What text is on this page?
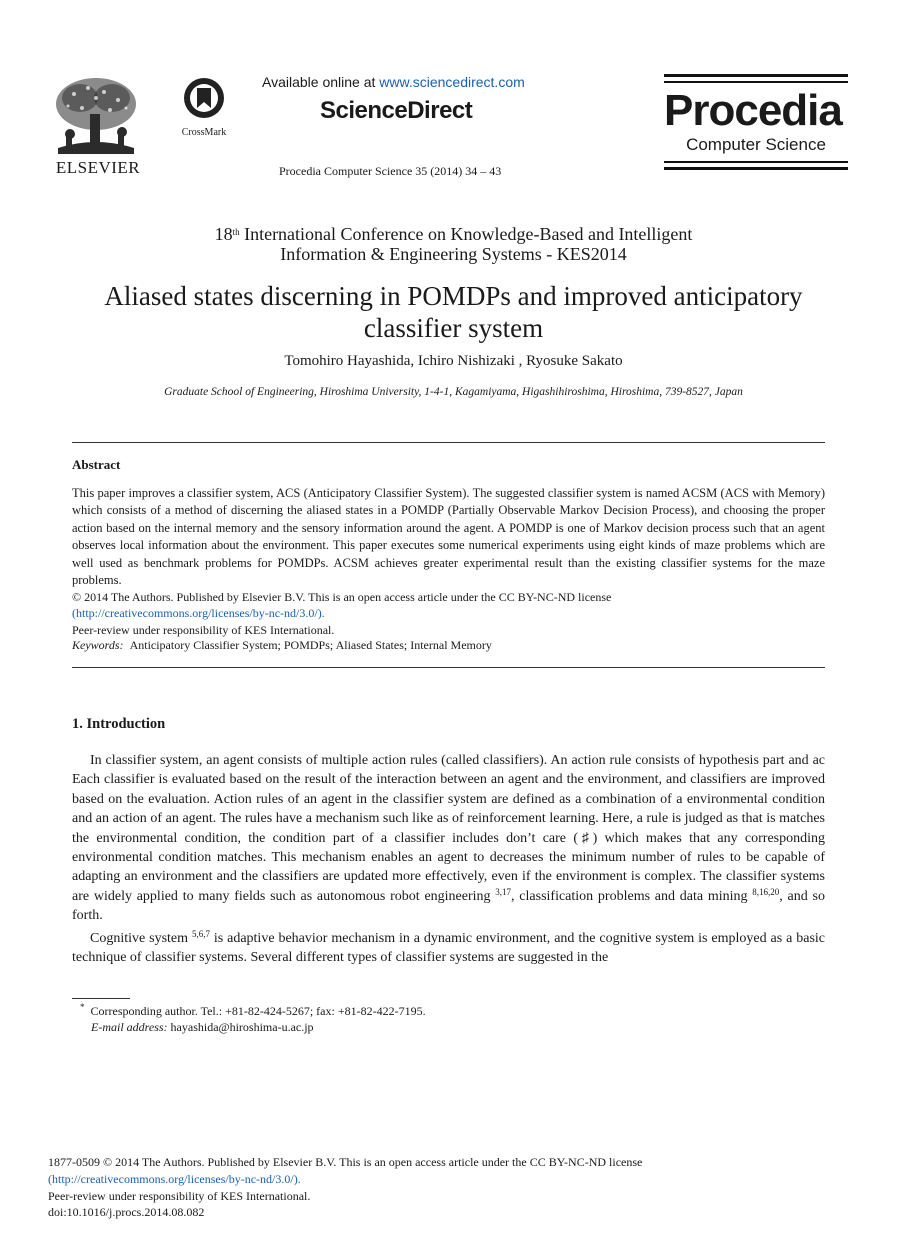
ELSEVIER
CrossMark
Available online at www.sciencedirect.com
ScienceDirect
Procedia Computer Science 35 (2014) 34 – 43
Procedia
Computer Science
18th International Conference on Knowledge-Based and Intelligent
Information & Engineering Systems - KES2014
Aliased states discerning in POMDPs and improved anticipatory
classifier system
Tomohiro Hayashida, Ichiro Nishizaki , Ryosuke Sakato
Graduate School of Engineering, Hiroshima University, 1-4-1, Kagamiyama, Higashihiroshima, Hiroshima, 739-8527, Japan
Abstract
This paper improves a classifier system, ACS (Anticipatory Classifier System). The suggested classifier system is named ACSM (ACS with Memory) which consists of a method of discerning the aliased states in a POMDP (Partially Observable Markov Decision Process), and choosing the proper action based on the internal memory and the sensory information around the agent. A POMDP is one of Markov decision process such that an agent observes local information about the environment. This paper executes some numerical experiments using eight kinds of maze problems which are well used as benchmark problems for POMDPs. ACSM achieves greater experimental result than the existing classifier systems for the maze problems.
© 2014 The Authors. Published by Elsevier B.V. This is an open access article under the CC BY-NC-ND license
(http://creativecommons.org/licenses/by-nc-nd/3.0/).
Peer-review under responsibility of KES International.
Keywords: Anticipatory Classifier System; POMDPs; Aliased States; Internal Memory
1. Introduction
In classifier system, an agent consists of multiple action rules (called classifiers). An action rule consists of hypothesis part and ac Each classifier is evaluated based on the result of the interaction between an agent and the environment, and classifiers are improved based on the evaluation. Action rules of an agent in the classifier system are defined as a combination of a environmental condition and an action of an agent. The rules have a mechanism such like as of reinforcement learning. Here, a rule is judged as that is matches the environmental condition, the condition part of a classifier includes don’t care (♯) which makes that any corresponding environmental condition matches. This mechanism enables an agent to decreases the minimum number of rules to be capable of adapting an environment and the classifiers are updated more effectively, even if the environment is complex. The classifier systems are widely applied to many fields such as autonomous robot engineering $^{3,17}$, classification problems and data mining $^{8,16,20}$, and so forth.
Cognitive system $^{5,6,7}$ is adaptive behavior mechanism in a dynamic environment, and the cognitive system is employed as a basic technique of classifier systems. Several different types of classifier systems are suggested in the
* Corresponding author. Tel.: +81-82-424-5267; fax: +81-82-422-7195.
E-mail address: hayashida@hiroshima-u.ac.jp
1877-0509 © 2014 The Authors. Published by Elsevier B.V. This is an open access article under the CC BY-NC-ND license
(http://creativecommons.org/licenses/by-nc-nd/3.0/).
Peer-review under responsibility of KES International.
doi:10.1016/j.procs.2014.08.082
